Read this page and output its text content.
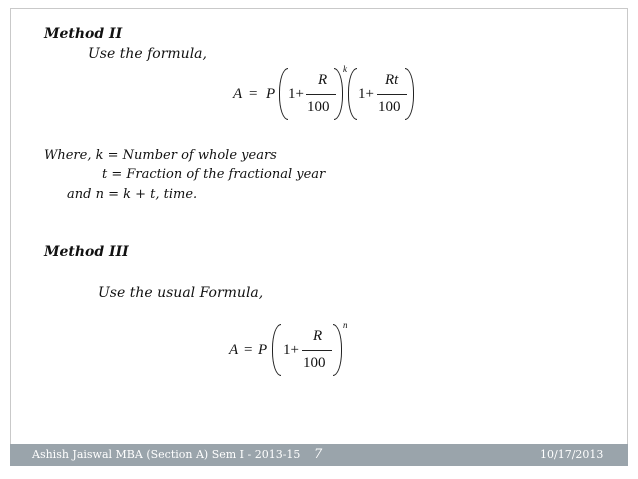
Method II
Use the formula,
A = P 1+
R
100
k
1+
Rt
100
Where, k = Number of whole years
t = Fraction of the fractional year
and n = k + t, time.
Method III
Use the usual Formula,
A = P 1+
R
100
n
Ashish Jaiswal MBA (Section A) Sem I - 2013-15 7	10/17/2013
